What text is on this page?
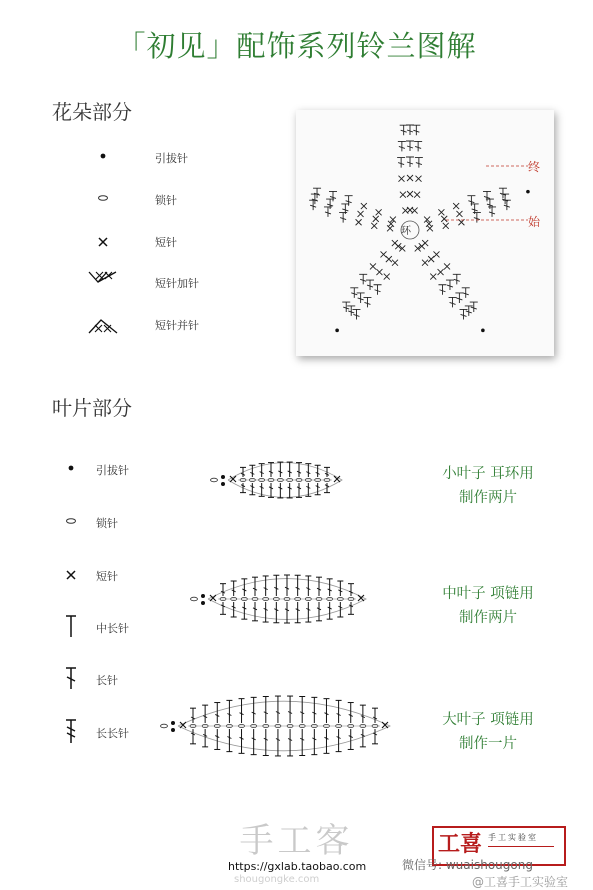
「初见」配饰系列铃兰图解
花朵部分
引拔针
锁针
短针
短针加针
短针并针
环
终
始
叶片部分
引拔针
锁针
短针
中长针
长针
长长针
小叶子 耳环用
制作两片
中叶子 项链用
制作两片
大叶子 项链用
制作一片
手工客
https://gxlab.taobao.com
shougongke.com
工喜 手工实验室
微信号: wuaishougong
@工喜手工实验室
